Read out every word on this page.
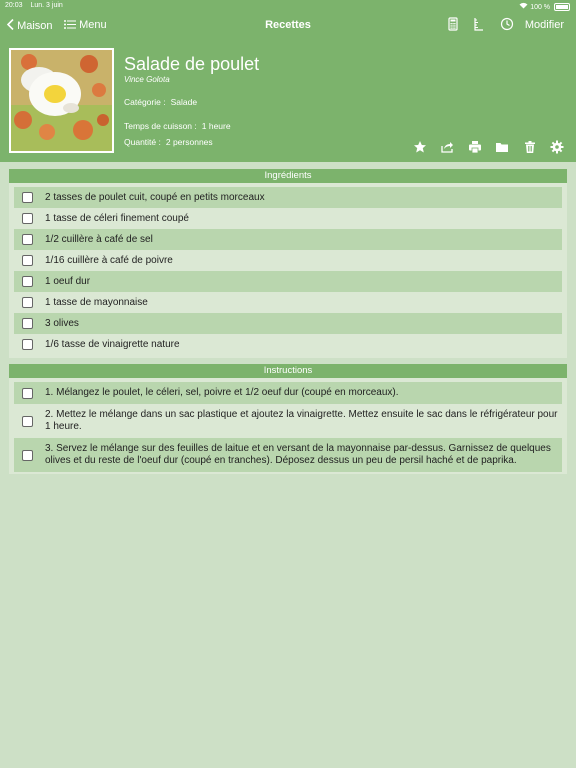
20:03 Lun. 3 juin	100 %
Maison	Menu	Recettes	Modifier
Salade de poulet
Vince Golota
Catégorie : Salade
Temps de cuisson : 1 heure
Quantité : 2 personnes

Ingrédients
2 tasses de poulet cuit, coupé en petits morceaux
1 tasse de céleri finement coupé
1/2 cuillère à café de sel
1/16 cuillère à café de poivre
1 oeuf dur
1 tasse de mayonnaise
3 olives
1/6 tasse de vinaigrette nature
Instructions
1. Mélangez le poulet, le céleri, sel, poivre et 1/2 oeuf dur (coupé en morceaux).
2. Mettez le mélange dans un sac plastique et ajoutez la vinaigrette. Mettez ensuite le sac dans le réfrigérateur pour 1 heure.
3. Servez le mélange sur des feuilles de laitue et en versant de la mayonnaise par-dessus. Garnissez de quelques olives et du reste de l'oeuf dur (coupé en tranches). Déposez dessus un peu de persil haché et de paprika.
